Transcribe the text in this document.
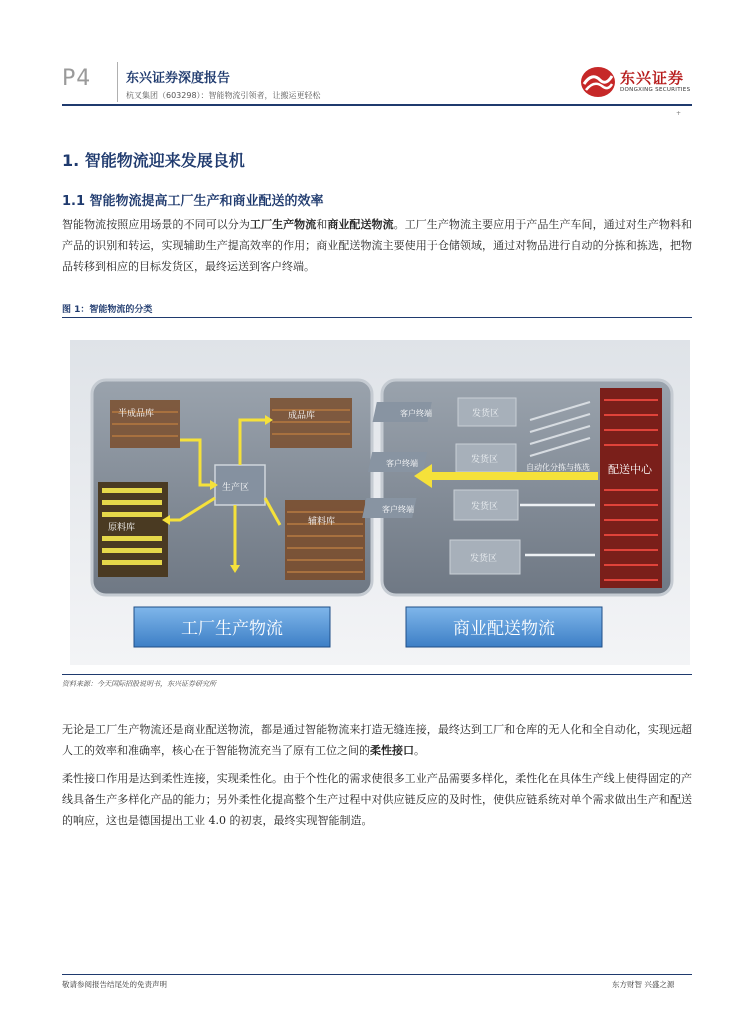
P4	东兴证券深度报告
杭叉集团（603298）：智能物流引领者，让搬运更轻松
东兴证券
DONGXING SECURITIES
+
1. 智能物流迎来发展良机
1.1 智能物流提高工厂生产和商业配送的效率
智能物流按照应用场景的不同可以分为工厂生产物流和商业配送物流。工厂生产物流主要应用于产品生产车间，通过对生产物料和产品的识别和转运，实现辅助生产提高效率的作用；商业配送物流主要使用于仓储领域，通过对物品进行自动的分拣和拣选，把物品转移到相应的目标发货区，最终运送到客户终端。
图 1：智能物流的分类
半成品库	成品库
生产区
原料库
辅料库
客户终端
客户终端
客户终端
发货区
发货区
发货区
发货区
自动化分拣与拣选 配送中心
工厂生产物流	商业配送物流
资料来源：今天国际招股说明书，东兴证券研究所
无论是工厂生产物流还是商业配送物流，都是通过智能物流来打造无缝连接，最终达到工厂和仓库的无人化和全自动化，实现远超人工的效率和准确率，核心在于智能物流充当了原有工位之间的柔性接口。
柔性接口作用是达到柔性连接，实现柔性化。由于个性化的需求使很多工业产品需要多样化，柔性化在具体生产线上使得固定的产线具备生产多样化产品的能力；另外柔性化提高整个生产过程中对供应链反应的及时性，使供应链系统对单个需求做出生产和配送的响应，这也是德国提出工业 4.0 的初衷，最终实现智能制造。
敬请参阅报告结尾处的免责声明	东方财智 兴盛之源
